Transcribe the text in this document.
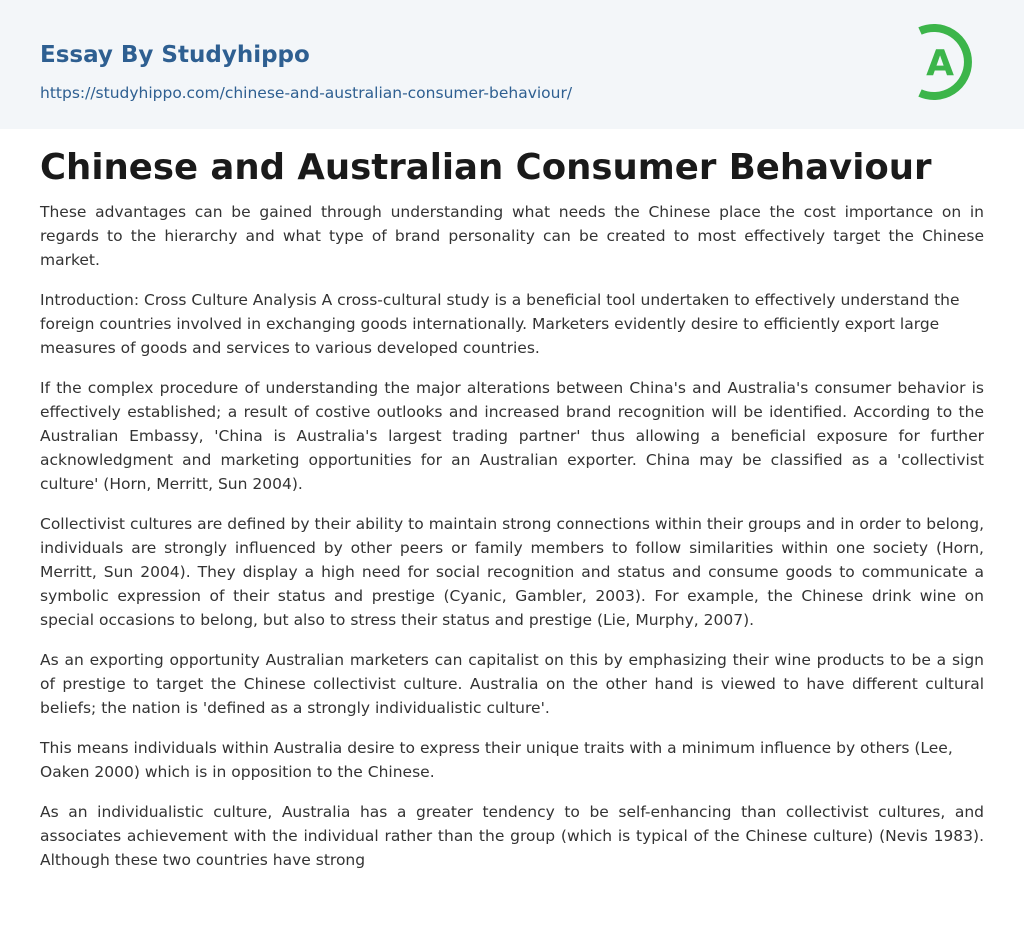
Essay By Studyhippo
https://studyhippo.com/chinese-and-australian-consumer-behaviour/
A
Chinese and Australian Consumer Behaviour

These advantages can be gained through understanding what needs the Chinese place the cost importance on in regards to the hierarchy and what type of brand personality can be created to most effectively target the Chinese market.

Introduction: Cross Culture Analysis A cross-cultural study is a beneficial tool undertaken to effectively understand the foreign countries involved in exchanging goods internationally. Marketers evidently desire to efficiently export large measures of goods and services to various developed countries.

If the complex procedure of understanding the major alterations between China's and Australia's consumer behavior is effectively established; a result of costive outlooks and increased brand recognition will be identified. According to the Australian Embassy, 'China is Australia's largest trading partner' thus allowing a beneficial exposure for further acknowledgment and marketing opportunities for an Australian exporter. China may be classified as a 'collectivist culture' (Horn, Merritt, Sun 2004).

Collectivist cultures are defined by their ability to maintain strong connections within their groups and in order to belong, individuals are strongly influenced by other peers or family members to follow similarities within one society (Horn, Merritt, Sun 2004). They display a high need for social recognition and status and consume goods to communicate a symbolic expression of their status and prestige (Cyanic, Gambler, 2003). For example, the Chinese drink wine on special occasions to belong, but also to stress their status and prestige (Lie, Murphy, 2007).

As an exporting opportunity Australian marketers can capitalist on this by emphasizing their wine products to be a sign of prestige to target the Chinese collectivist culture. Australia on the other hand is viewed to have different cultural beliefs; the nation is 'defined as a strongly individualistic culture'.

This means individuals within Australia desire to express their unique traits with a minimum influence by others (Lee, Oaken 2000) which is in opposition to the Chinese.

As an individualistic culture, Australia has a greater tendency to be self-enhancing than collectivist cultures, and associates achievement with the individual rather than the group (which is typical of the Chinese culture) (Nevis 1983). Although these two countries have strong
